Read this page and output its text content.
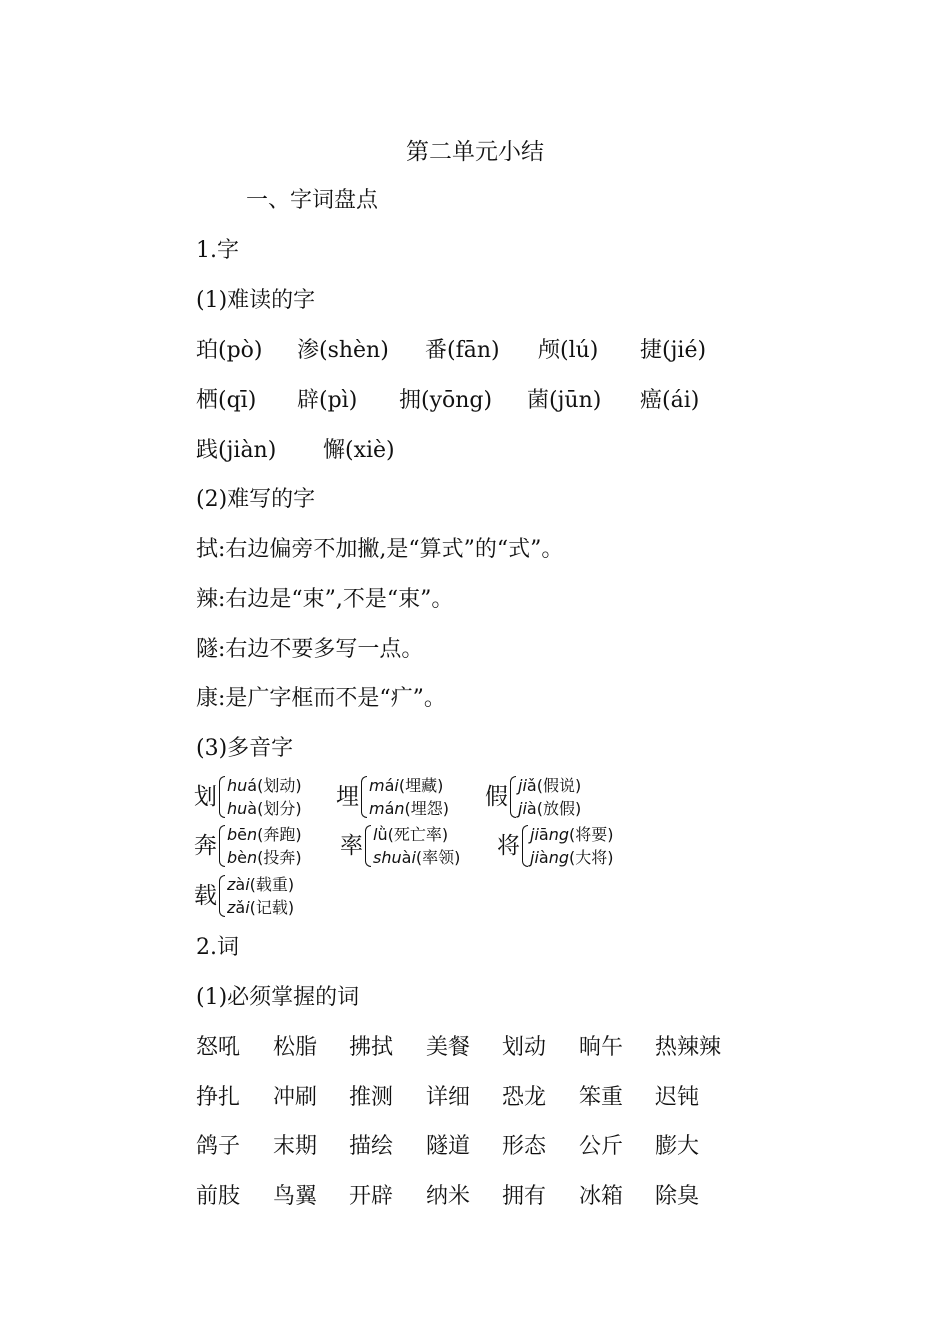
第二单元小结
一、字词盘点
1.字
(1)难读的字
珀(pò) 渗(shèn) 番(fān) 颅(lú) 捷(jié)
栖(qī) 辟(pì) 拥(yōng) 菌(jūn) 癌(ái)
践(jiàn) 懈(xiè)
(2)难写的字
拭:右边偏旁不加撇,是“算式”的“式”。
辣:右边是“束”,不是“束”。
隧:右边不要多写一点。
康:是广字框而不是“疒”。
(3)多音字
划 huá(划动)
huà(划分) 埋 mái(埋藏)
mán(埋怨) 假 jiǎ(假说)
jià(放假)
奔 bēn(奔跑)
bèn(投奔) 率 lǜ(死亡率)
shuài(率领) 将 jiāng(将要)
jiàng(大将)
载 zài(载重)
zǎi(记载)
2.词
(1)必须掌握的词
怒吼 松脂 拂拭 美餐 划动 晌午 热辣辣
挣扎 冲刷 推测 详细 恐龙 笨重 迟钝
鸽子 末期 描绘 隧道 形态 公斤 膨大
前肢 鸟翼 开辟 纳米 拥有 冰箱 除臭
